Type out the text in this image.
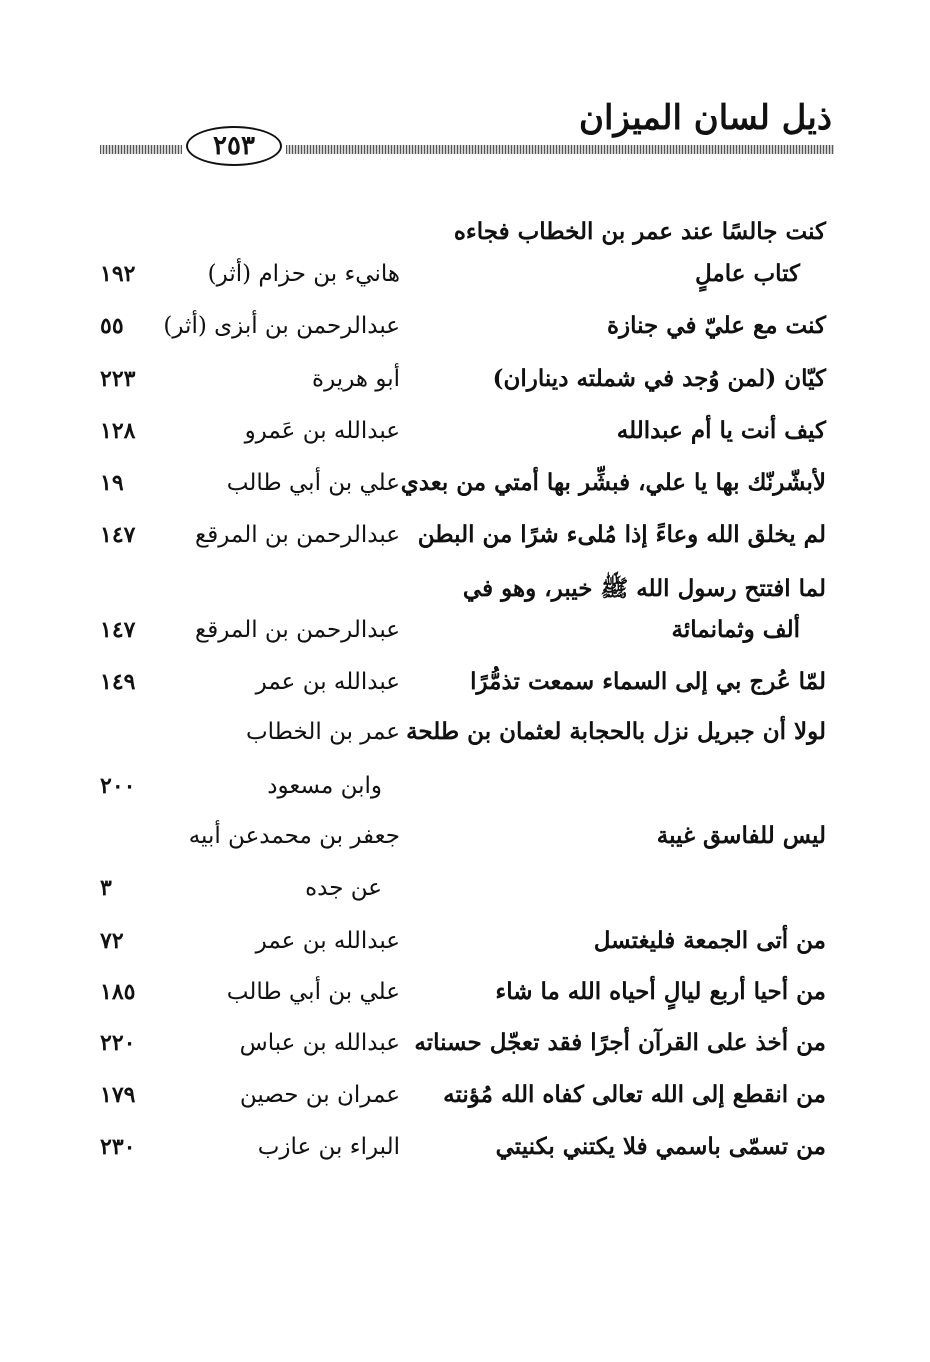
ذيل لسان الميزان
٢٥٣
كنت جالسًا عند عمر بن الخطاب فجاءه
كتاب عاملٍ
هانيء بن حزام (أثر)
١٩٢
كنت مع عليّ في جنازة
عبدالرحمن بن أبزى (أثر)
٥٥
كيّان (لمن وُجد في شملته ديناران)
أبو هريرة
٢٢٣
كيف أنت يا أم عبدالله
عبدالله بن عَمرو
١٢٨
لأبشّرنّك بها يا علي، فبشِّر بها أمتي من بعدي
علي بن أبي طالب
١٩
لم يخلق الله وعاءً إذا مُلىء شرًا من البطن
عبدالرحمن بن المرقع
١٤٧
لما افتتح رسول الله ﷺ خيبر، وهو في
ألف وثمانمائة
عبدالرحمن بن المرقع
١٤٧
لمّا عُرج بي إلى السماء سمعت تذمُّرًا
عبدالله بن عمر
١٤٩
لولا أن جبريل نزل بالحجابة لعثمان بن طلحة
عمر بن الخطاب
وابن مسعود
٢٠٠
ليس للفاسق غيبة
جعفر بن محمدعن أبيه
عن جده
٣
من أتى الجمعة فليغتسل
عبدالله بن عمر
٧٢
من أحيا أربع ليالٍ أحياه الله ما شاء
علي بن أبي طالب
١٨٥
من أخذ على القرآن أجرًا فقد تعجّل حسناته
عبدالله بن عباس
٢٢٠
من انقطع إلى الله تعالى كفاه الله مُؤنته
عمران بن حصين
١٧٩
من تسمّى باسمي فلا يكتني بكنيتي
البراء بن عازب
٢٣٠
